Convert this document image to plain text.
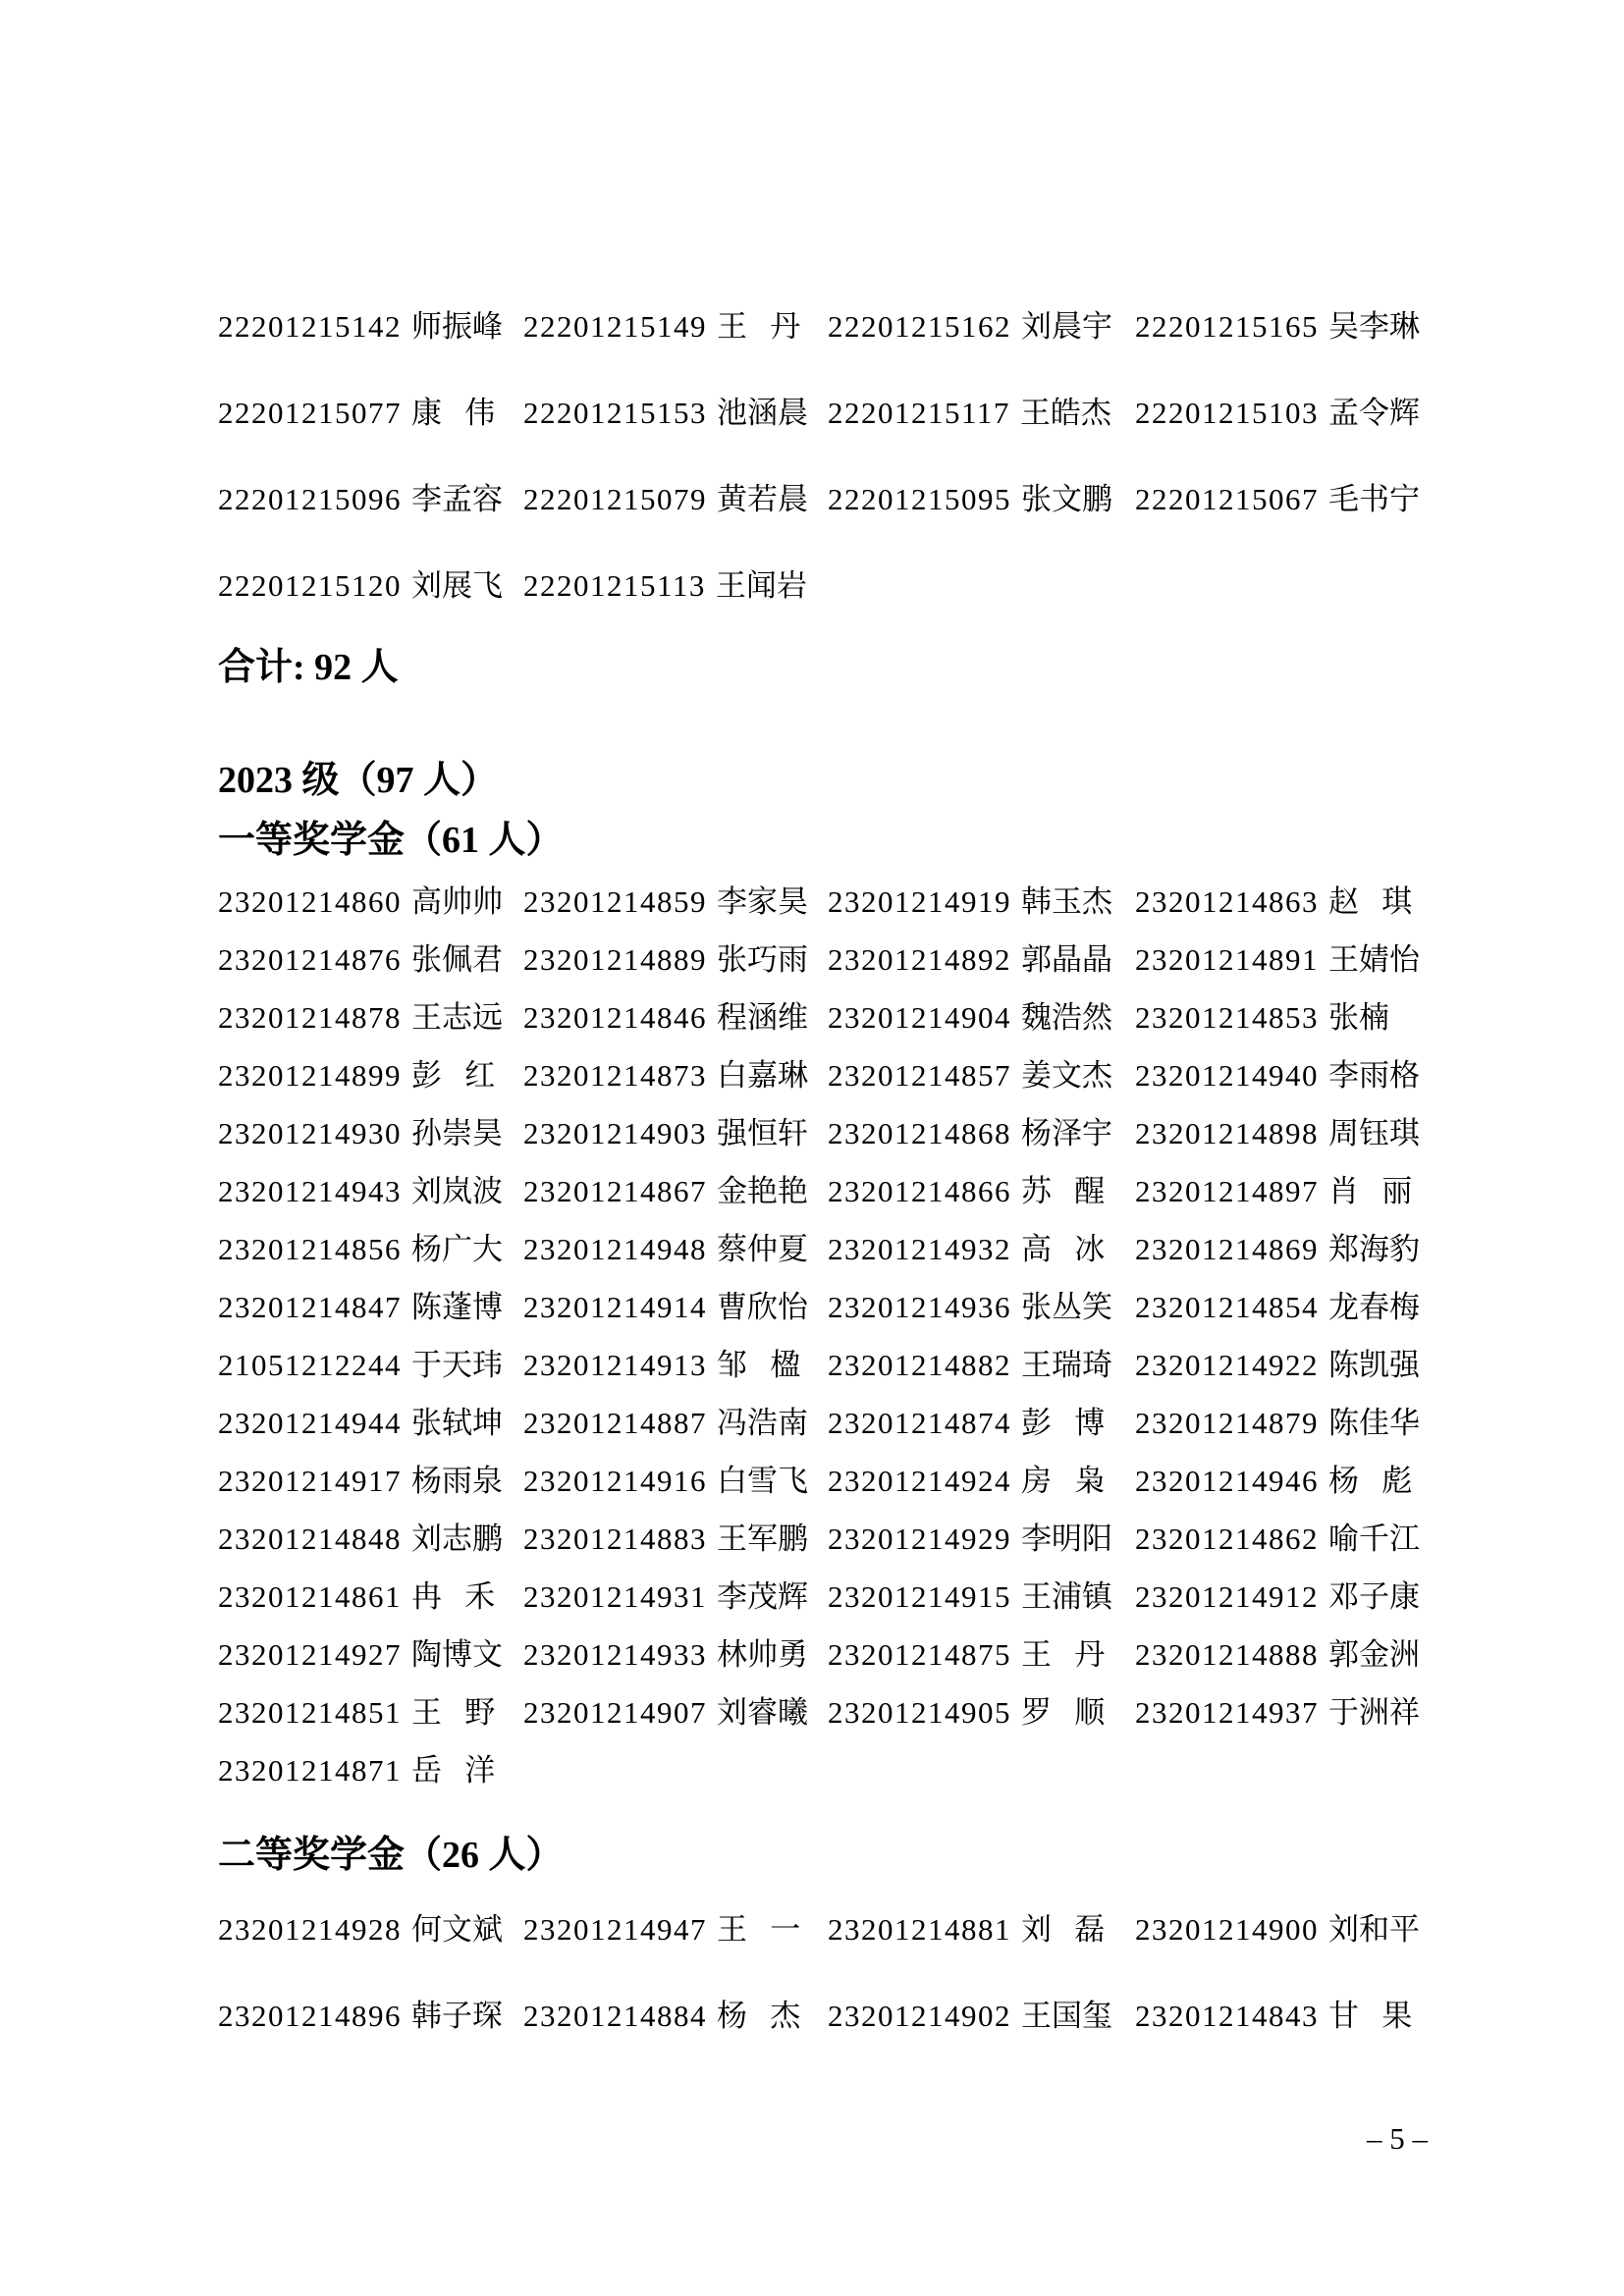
22201215142 师振峰 22201215149 王   丹 22201215162 刘晨宇 22201215165 吴李琳
22201215077 康   伟 22201215153 池涵晨 22201215117 王皓杰 22201215103 孟令辉
22201215096 李孟容 22201215079 黄若晨 22201215095 张文鹏 22201215067 毛书宁
22201215120 刘展飞 22201215113 王闻岩
合计: 92 人
2023 级（97 人）
一等奖学金（61 人）
23201214860 高帅帅 23201214859 李家昊 23201214919 韩玉杰 23201214863 赵   琪
23201214876 张佩君 23201214889 张巧雨 23201214892 郭晶晶 23201214891 王婧怡
23201214878 王志远 23201214846 程涵维 23201214904 魏浩然 23201214853 张楠
23201214899 彭   红 23201214873 白嘉琳 23201214857 姜文杰 23201214940 李雨格
23201214930 孙崇昊 23201214903 强恒轩 23201214868 杨泽宇 23201214898 周钰琪
23201214943 刘岚波 23201214867 金艳艳 23201214866 苏   醒 23201214897 肖   丽
23201214856 杨广大 23201214948 蔡仲夏 23201214932 高   冰 23201214869 郑海豹
23201214847 陈蓬博 23201214914 曹欣怡 23201214936 张丛笑 23201214854 龙春梅
21051212244 于天玮 23201214913 邹   楹 23201214882 王瑞琦 23201214922 陈凯强
23201214944 张轼坤 23201214887 冯浩南 23201214874 彭   博 23201214879 陈佳华
23201214917 杨雨泉 23201214916 白雪飞 23201214924 房   枭 23201214946 杨   彪
23201214848 刘志鹏 23201214883 王军鹏 23201214929 李明阳 23201214862 喻千江
23201214861 冉   禾 23201214931 李茂辉 23201214915 王浦镇 23201214912 邓子康
23201214927 陶博文 23201214933 林帅勇 23201214875 王   丹 23201214888 郭金洲
23201214851 王   野 23201214907 刘睿曦 23201214905 罗   顺 23201214937 于洲祥
23201214871 岳   洋
二等奖学金（26 人）
23201214928 何文斌 23201214947 王   一 23201214881 刘   磊 23201214900 刘和平
23201214896 韩子琛 23201214884 杨   杰 23201214902 王国玺 23201214843 甘   果
– 5 –
